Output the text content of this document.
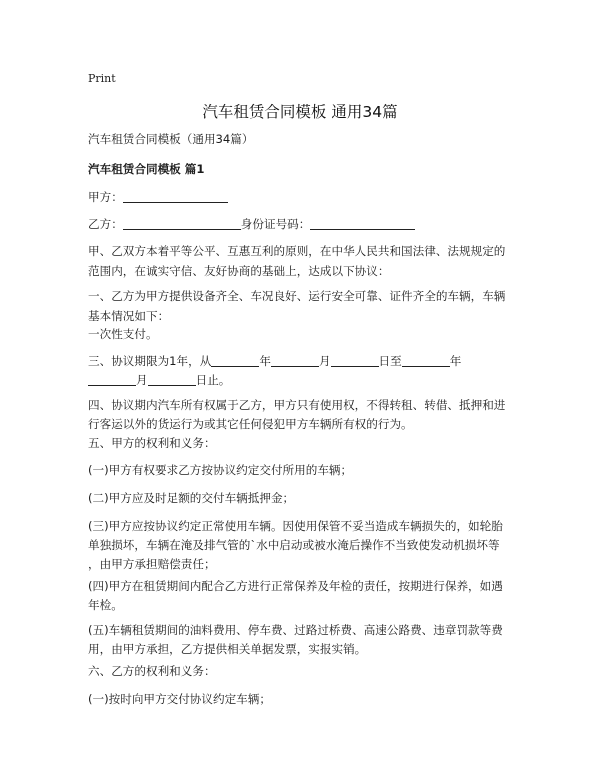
Print
汽车租赁合同模板 通用34篇
汽车租赁合同模板（通用34篇）
汽车租赁合同模板 篇1
甲方：
乙方：	身份证号码：
甲、乙双方本着平等公平、互惠互利的原则，在中华人民共和国法律、法规规定的
范围内，在诚实守信、友好协商的基础上，达成以下协议：
一、乙方为甲方提供设备齐全、车况良好、运行安全可靠、证件齐全的车辆，车辆
基本情况如下：
一次性支付。
三、协议期限为1年，从	年	月	日至	年
月	日止。
四、协议期内汽车所有权属于乙方，甲方只有使用权，不得转租、转借、抵押和进
行客运以外的货运行为或其它任何侵犯甲方车辆所有权的行为。
五、甲方的权利和义务：
(一)甲方有权要求乙方按协议约定交付所用的车辆；
(二)甲方应及时足额的交付车辆抵押金；
(三)甲方应按协议约定正常使用车辆。因使用保管不妥当造成车辆损失的，如轮胎
单独损坏，车辆在淹及排气管的`水中启动或被水淹后操作不当致使发动机损坏等
，由甲方承担赔偿责任；
(四)甲方在租赁期间内配合乙方进行正常保养及年检的责任，按期进行保养，如遇
年检。
(五)车辆租赁期间的油料费用、停车费、过路过桥费、高速公路费、违章罚款等费
用，由甲方承担，乙方提供相关单据发票，实报实销。
六、乙方的权利和义务：
(一)按时向甲方交付协议约定车辆；
